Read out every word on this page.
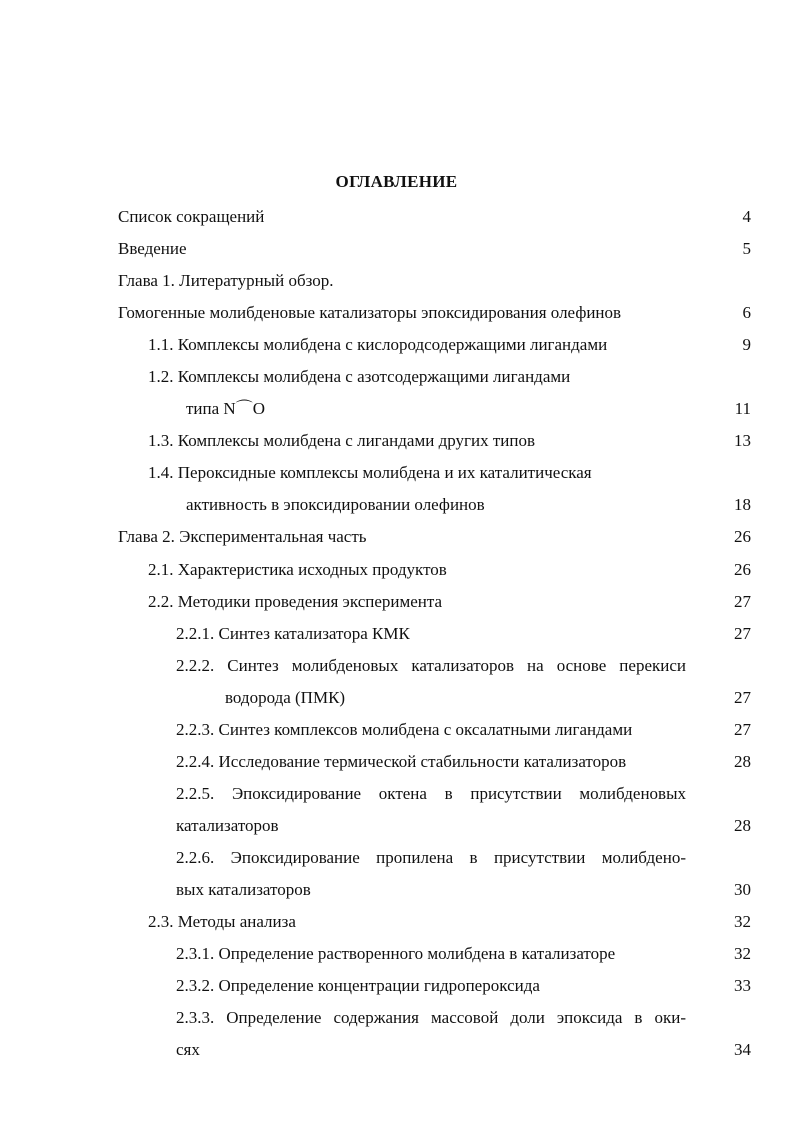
ОГЛАВЛЕНИЕ
Список сокращений	4
Введение	5
Глава 1. Литературный обзор.
Гомогенные молибденовые катализаторы эпоксидирования олефинов	6
1.1. Комплексы молибдена с кислородсодержащими лигандами	9
1.2. Комплексы молибдена с азотсодержащими лигандами
типа N⌒O	11
1.3. Комплексы молибдена с лигандами других типов	13
1.4. Пероксидные комплексы молибдена и их каталитическая
активность в эпоксидировании олефинов	18
Глава 2. Экспериментальная часть	26
2.1. Характеристика исходных продуктов	26
2.2. Методики проведения эксперимента	27
2.2.1. Синтез катализатора КМК	27
2.2.2. Синтез молибденовых катализаторов на основе перекиси
водорода (ПМК)	27
2.2.3. Синтез комплексов молибдена с оксалатными лигандами	27
2.2.4. Исследование термической стабильности катализаторов	28
2.2.5. Эпоксидирование октена в присутствии молибденовых
катализаторов	28
2.2.6. Эпоксидирование пропилена в присутствии молибдено-
вых катализаторов	30
2.3. Методы анализа	32
2.3.1. Определение растворенного молибдена в катализаторе	32
2.3.2. Определение концентрации гидропероксида	33
2.3.3. Определение содержания массовой доли эпоксида в оки-
сях	34
